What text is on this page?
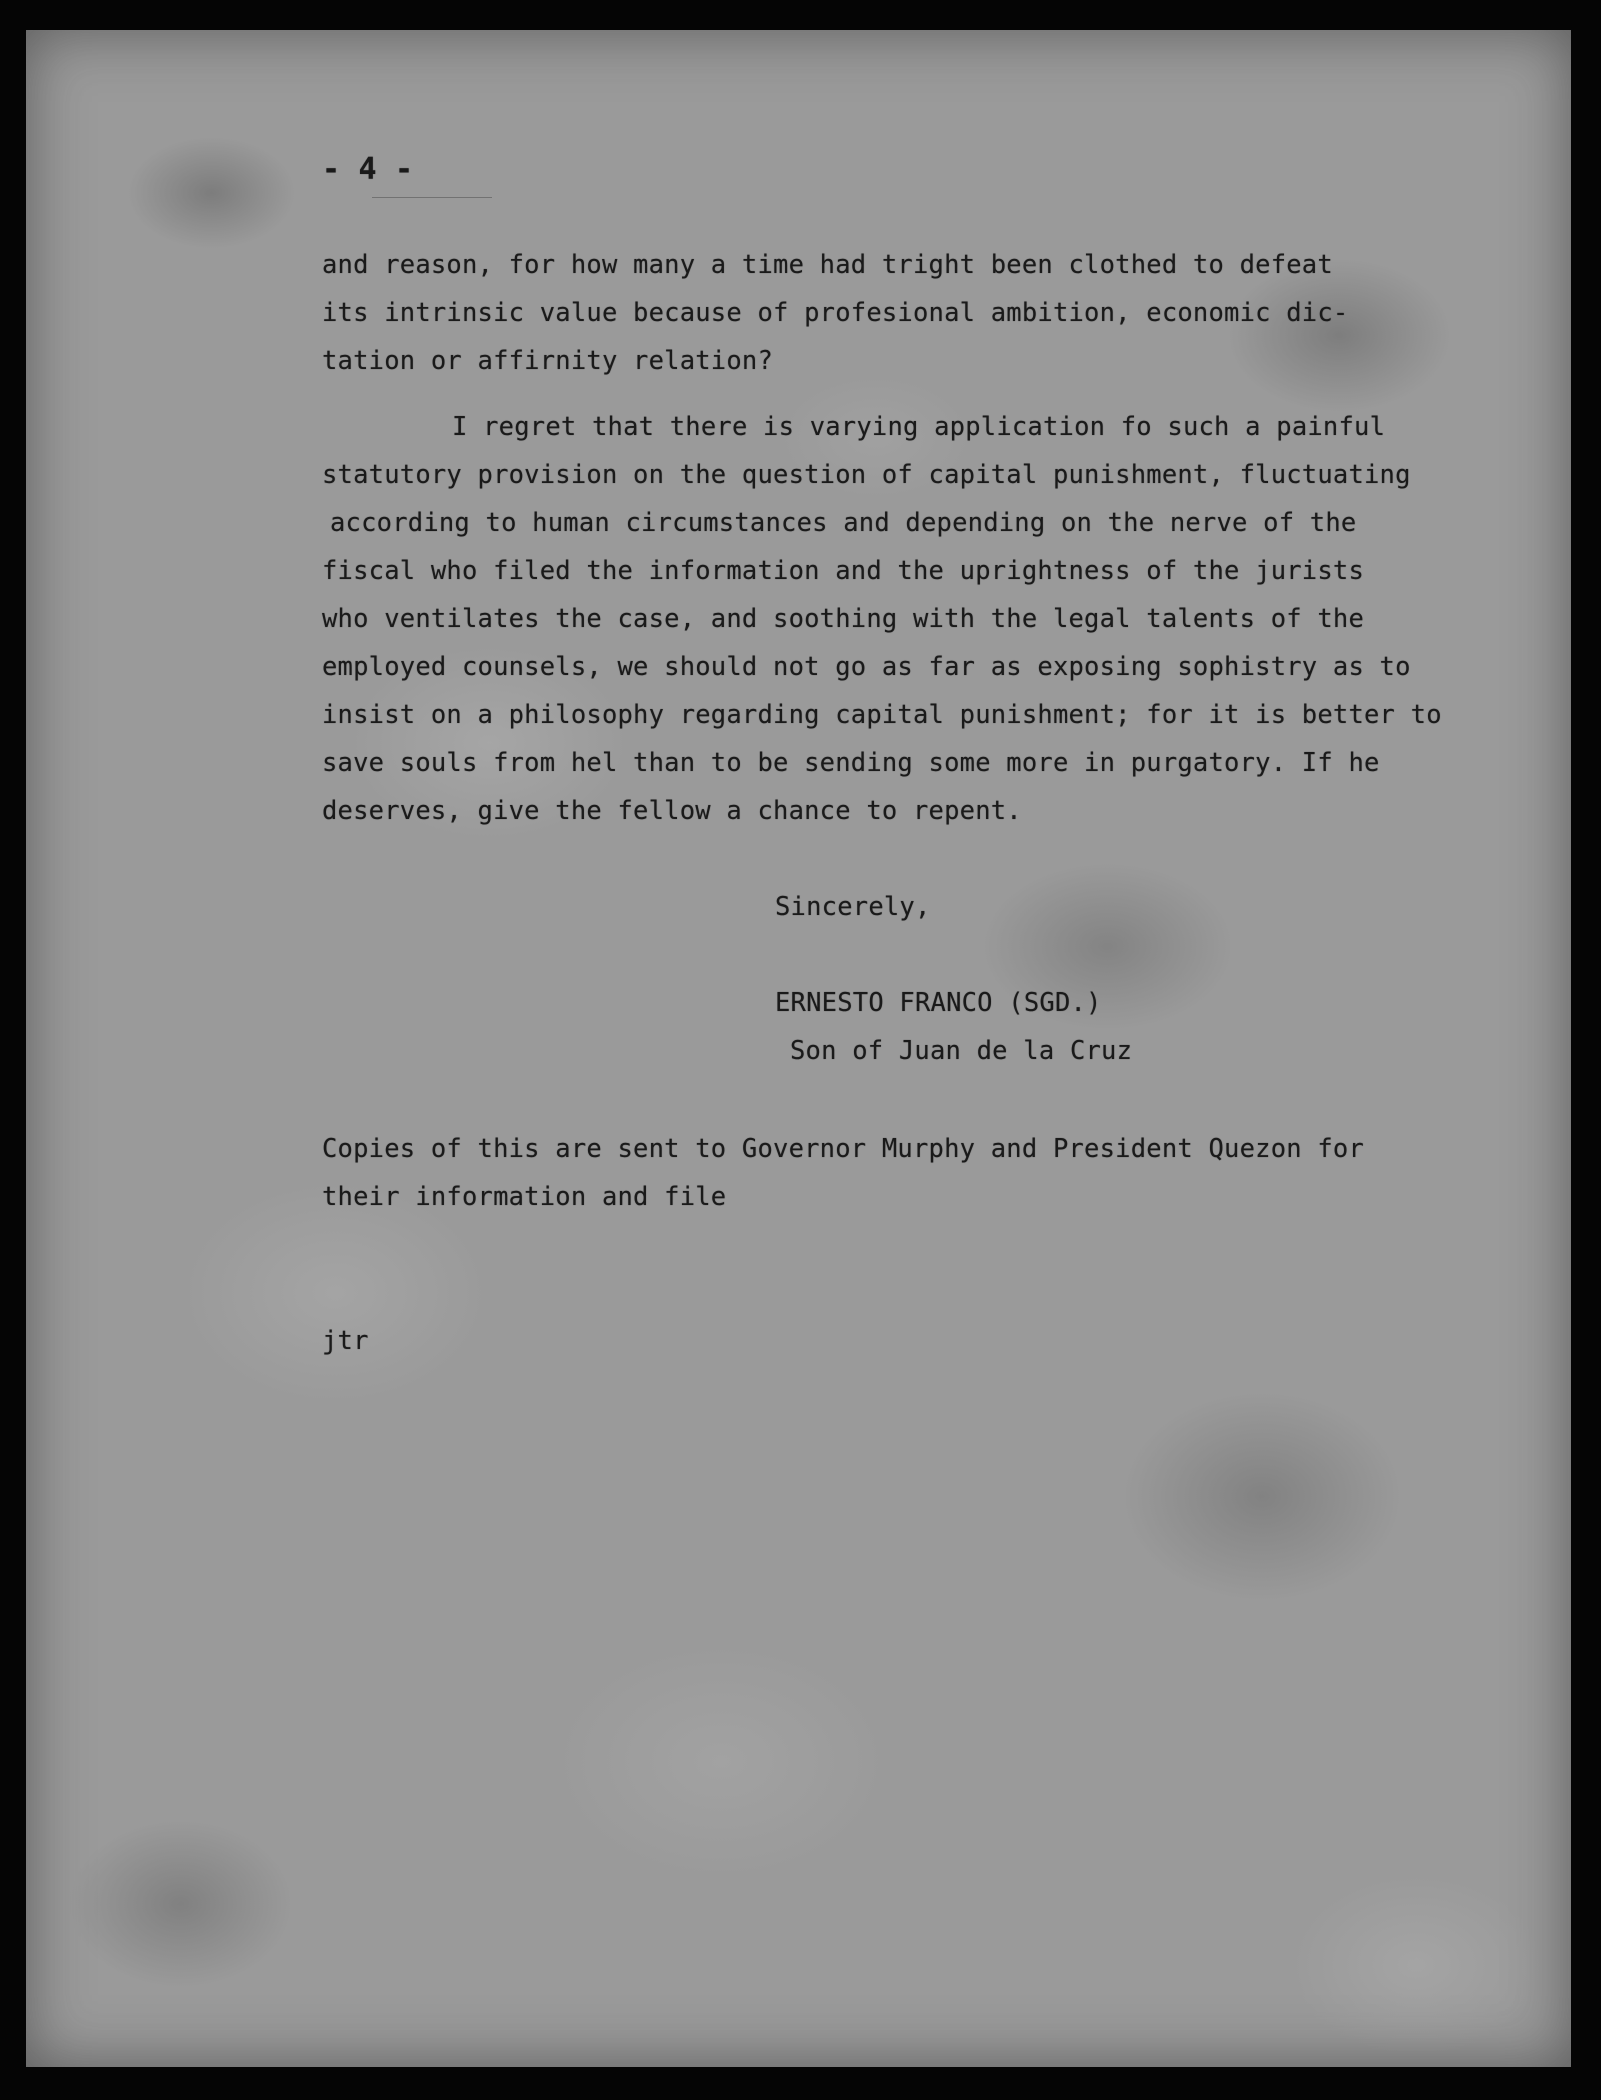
- 4 -

and reason, for how many a time had tright been clothed to defeat

its intrinsic value because of profesional ambition, economic dic-

tation or affirnity relation?

I regret that there is varying application fo such a painful

statutory provision on the question of capital punishment, fluctuating

according to human circumstances and depending on the nerve of the

fiscal who filed the information and the uprightness of the jurists

who ventilates the case, and soothing with the legal talents of the

employed counsels, we should not go as far as exposing sophistry as to

insist on a philosophy regarding capital punishment; for it is better to

save souls from hel than to be sending some more in purgatory. If he

deserves, give the fellow a chance to repent.

Sincerely,

ERNESTO FRANCO (SGD.)

Son of Juan de la Cruz

Copies of this are sent to Governor Murphy and President Quezon for

their information and file

jtr
